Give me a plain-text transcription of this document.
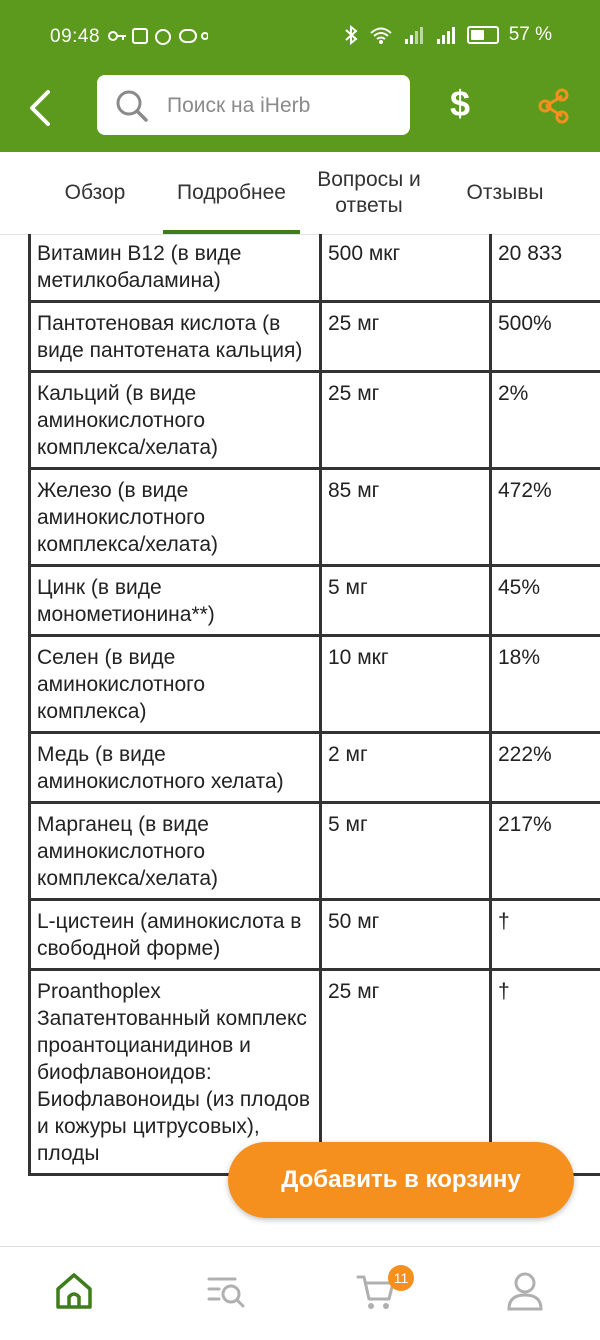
09:48	57 %
Поиск на iHerb	$
Обзор	Подробнее
Вопросы и ответы
Отзывы
Витамин B12 (в виде метилкобаламина)	500 мкг	20 833
Пантотеновая кислота (в виде пантотената кальция)	25 мг	500%
Кальций (в виде аминокислотного комплекса/хелата)	25 мг	2%
Железо (в виде аминокислотного комплекса/хелата)	85 мг	472%
Цинк (в виде монометионина**)	5 мг	45%
Селен (в виде аминокислотного комплекса)	10 мкг	18%
Медь (в виде аминокислотного хелата)	2 мг	222%
Марганец (в виде аминокислотного комплекса/хелата)	5 мг	217%
L-цистеин (аминокислота в свободной форме)	50 мг	†
Proanthoplex Запатентованный комплекс проантоцианидинов и биофлавоноидов: Биофлавоноиды (из плодов и кожуры цитрусовых), плоды	25 мг	†
Добавить в корзину
11
